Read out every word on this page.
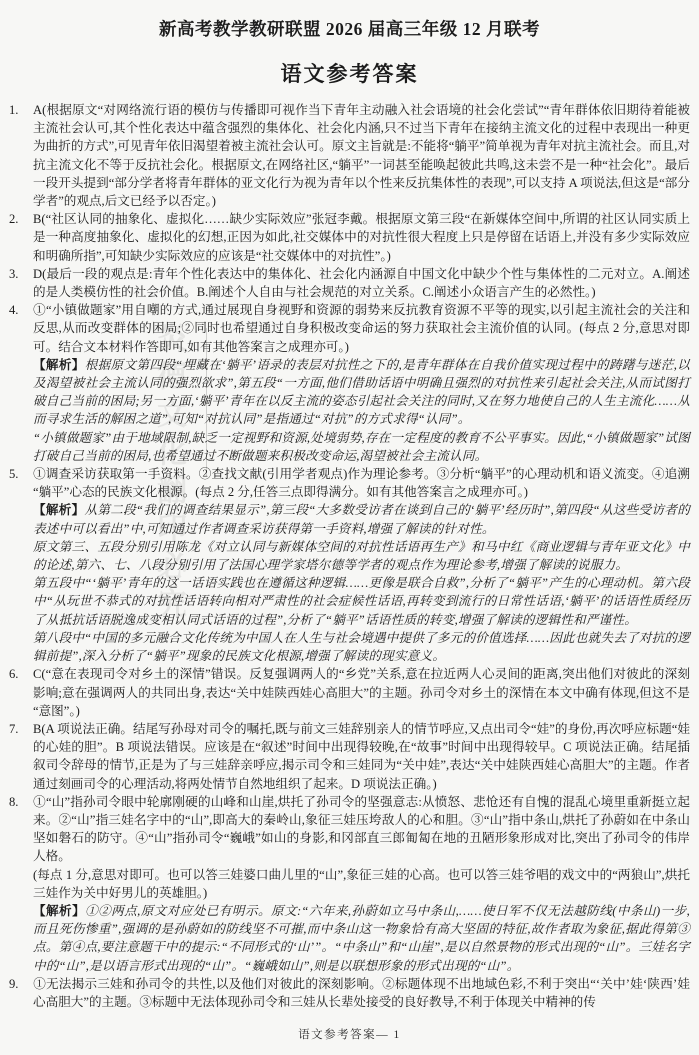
炎德文化翻印必究
新高考教学教研联盟 2026 届高三年级 12 月联考
语文参考答案

1. A(根据原文“对网络流行语的模仿与传播即可视作当下青年主动融入社会语境的社会化尝试”“青年群体依旧期待着能被主流社会认可,其个性化表达中蕴含强烈的集体化、社会化内涵,只不过当下青年在接纳主流文化的过程中表现出一种更为曲折的方式”,可见青年依旧渴望着被主流社会认可。原文主旨就是:不能将“躺平”简单视为青年对抗主流社会。而且,对抗主流文化不等于反抗社会化。根据原文,在网络社区,“躺平”一词甚至能唤起彼此共鸣,这未尝不是一种“社会化”。最后一段开头提到“部分学者将青年群体的亚文化行为视为青年以个性来反抗集体性的表现”,可以支持 A 项说法,但这是“部分学者”的观点,后文已经予以否定。)

2. B(“社区认同的抽象化、虚拟化……缺少实际效应”张冠李戴。根据原文第三段“在新媒体空间中,所谓的社区认同实质上是一种高度抽象化、虚拟化的幻想,正因为如此,社交媒体中的对抗性很大程度上只是停留在话语上,并没有多少实际效应和明确所指”,可知缺少实际效应的应该是“社交媒体中的对抗性”。)

3. D(最后一段的观点是:青年个性化表达中的集体化、社会化内涵源自中国文化中缺少个性与集体性的二元对立。A.阐述的是人类模仿性的社会价值。B.阐述个人自由与社会规范的对立关系。C.阐述小众语言产生的必然性。)

4. ①“小镇做题家”用自嘲的方式,通过展现自身视野和资源的弱势来反抗教育资源不平等的现实,以引起主流社会的关注和反思,从而改变群体的困局;②同时也希望通过自身积极改变命运的努力获取社会主流价值的认同。(每点 2 分,意思对即可。结合文本材料作答即可,如有其他答案言之成理亦可。)

【解析】根据原文第四段“埋藏在‘躺平’语录的表层对抗性之下的,是青年群体在自我价值实现过程中的踌躇与迷茫,以及渴望被社会主流认同的强烈欲求”,第五段“一方面,他们借助话语中明确且强烈的对抗性来引起社会关注,从而试图打破自己当前的困局;另一方面,‘躺平’青年在以反主流的姿态引起社会关注的同时,又在努力地使自己的人生主流化……从而寻求生活的解困之道”,可知“对抗认同”是指通过“对抗”的方式求得“认同”。

“小镇做题家”由于地域限制,缺乏一定视野和资源,处境弱势,存在一定程度的教育不公平事实。因此,“小镇做题家”试图打破自己当前的困局,也希望通过不断做题来积极改变命运,渴望被社会主流认同。

5. ①调查采访获取第一手资料。②查找文献(引用学者观点)作为理论参考。③分析“躺平”的心理动机和语义流变。④追溯“躺平”心态的民族文化根源。(每点 2 分,任答三点即得满分。如有其他答案言之成理亦可。)

【解析】从第二段“我们的调查结果显示”,第三段“大多数受访者在谈到自己的‘躺平’经历时”,第四段“从这些受访者的表述中可以看出”中,可知通过作者调查采访获得第一手资料,增强了解读的针对性。

原文第三、五段分别引用陈龙《对立认同与新媒体空间的对抗性话语再生产》和马中红《商业逻辑与青年亚文化》中的论述,第六、七、八段分别引用了法国心理学家塔尔德等学者的观点作为理论参考,增强了解读的说服力。

第五段中“‘躺平’青年的这一话语实践也在遵循这种逻辑……更像是联合自救”,分析了“躺平”产生的心理动机。第六段中“从玩世不恭式的对抗性话语转向相对严肃性的社会症候性话语,再转变到流行的日常性话语,‘躺平’的话语性质经历了从抵抗话语脱逸成变相认同式话语的过程”,分析了“躺平”话语性质的转变,增强了解读的逻辑性和严谨性。

第八段中“中国的多元融合文化传统为中国人在人生与社会境遇中提供了多元的价值选择……因此也就失去了对抗的逻辑前提”,深入分析了“躺平”现象的民族文化根源,增强了解读的现实意义。

6. C(“意在表现司令对乡土的深情”错误。反复强调两人的“乡党”关系,意在拉近两人心灵间的距离,突出他们对彼此的深刻影响;意在强调两人的共同出身,表达“关中娃陕西娃心高胆大”的主题。孙司令对乡土的深情在本文中确有体现,但这不是“意图”。)

7. B(A 项说法正确。结尾写孙母对司令的嘱托,既与前文三娃辞别亲人的情节呼应,又点出司令“娃”的身份,再次呼应标题“娃的心娃的胆”。B 项说法错误。应该是在“叙述”时间中出现得较晚,在“故事”时间中出现得较早。C 项说法正确。结尾插叙司令辞母的情节,正是为了与三娃辞亲呼应,揭示司令和三娃同为“关中娃”,表达“关中娃陕西娃心高胆大”的主题。作者通过刻画司令的心理活动,将两处情节自然地组织了起来。D 项说法正确。)

8. ①“山”指孙司令眼中轮廓刚硬的山峰和山崖,烘托了孙司令的坚强意志:从愤怒、悲怆还有自愧的混乱心境里重新挺立起来。②“山”指三娃名字中的“山”,即高大的秦岭山,象征三娃压垮敌人的心和胆。③“山”指中条山,烘托了孙蔚如在中条山坚如磐石的防守。④“山”指孙司令“巍峨”如山的身影,和冈部直三郎匍匐在地的丑陋形象形成对比,突出了孙司令的伟岸人格。

(每点 1 分,意思对即可。也可以答三娃婆口曲儿里的“山”,象征三娃的心高。也可以答三娃爷唱的戏文中的“两狼山”,烘托三娃作为关中好男儿的英雄胆。)

【解析】①②两点,原文对应处已有明示。原文:“六年来,孙蔚如立马中条山,……使日军不仅无法越防线(中条山)一步,而且死伤惨重”,强调的是孙蔚如的防线坚不可摧,而中条山这一物象恰有高大坚固的特征,故作者取为象征,据此得第③点。第④点,要注意题干中的提示:“不同形式的‘山’”。“中条山”和“山崖”,是以自然景物的形式出现的“山”。三娃名字中的“山”,是以语言形式出现的“山”。“巍峨如山”,则是以联想形象的形式出现的“山”。

9. ①无法揭示三娃和孙司令的共性,以及他们对彼此的深刻影响。②标题体现不出地域色彩,不利于突出“‘关中’娃‘陕西’娃心高胆大”的主题。③标题中无法体现孙司令和三娃从长辈处接受的良好教导,不利于体现关中精神的传

语文参考答案— 1
